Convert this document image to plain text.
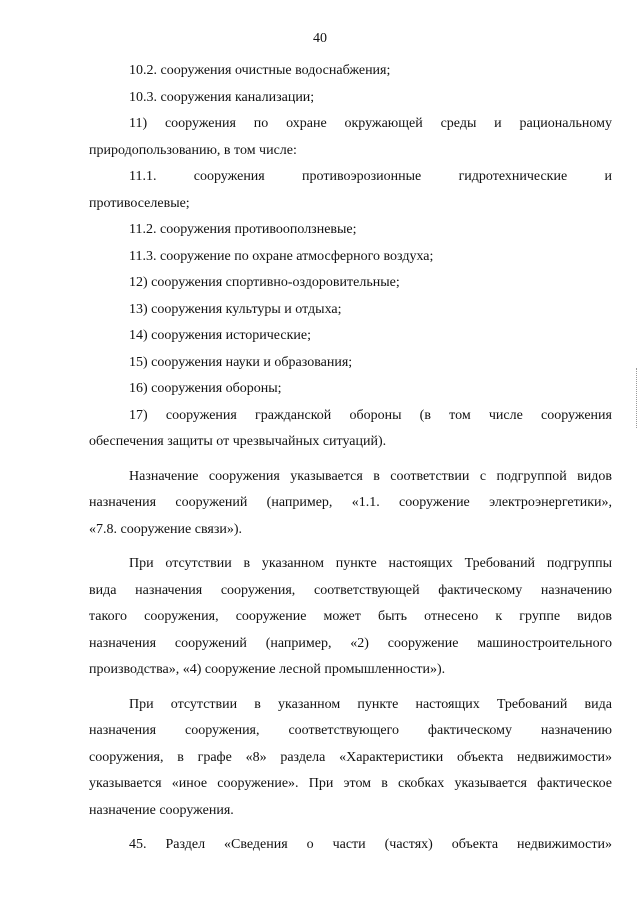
40
10.2. сооружения очистные водоснабжения;
10.3. сооружения канализации;
11) сооружения по охране окружающей среды и рациональному
природопользованию, в том числе:
11.1.	сооружения	противоэрозионные	гидротехнические	и
противоселевые;
11.2. сооружения противооползневые;
11.3. сооружение по охране атмосферного воздуха;
12) сооружения спортивно-оздоровительные;
13) сооружения культуры и отдыха;
14) сооружения исторические;
15) сооружения науки и образования;
16) сооружения обороны;
17) сооружения гражданской обороны (в том числе сооружения
обеспечения защиты от чрезвычайных ситуаций).
Назначение сооружения указывается в соответствии с подгруппой видов
назначения сооружений (например, «1.1. сооружение электроэнергетики»,
«7.8. сооружение связи»).
При отсутствии в указанном пункте настоящих Требований подгруппы
вида назначения сооружения, соответствующей фактическому назначению
такого сооружения, сооружение может быть отнесено к группе видов
назначения сооружений (например, «2) сооружение машиностроительного
производства», «4) сооружение лесной промышленности»).
При отсутствии в указанном пункте настоящих Требований вида
назначения сооружения, соответствующего фактическому назначению
сооружения, в графе «8» раздела «Характеристики объекта недвижимости»
указывается «иное сооружение». При этом в скобках указывается фактическое
назначение сооружения.
45. Раздел «Сведения о части (частях) объекта недвижимости»
